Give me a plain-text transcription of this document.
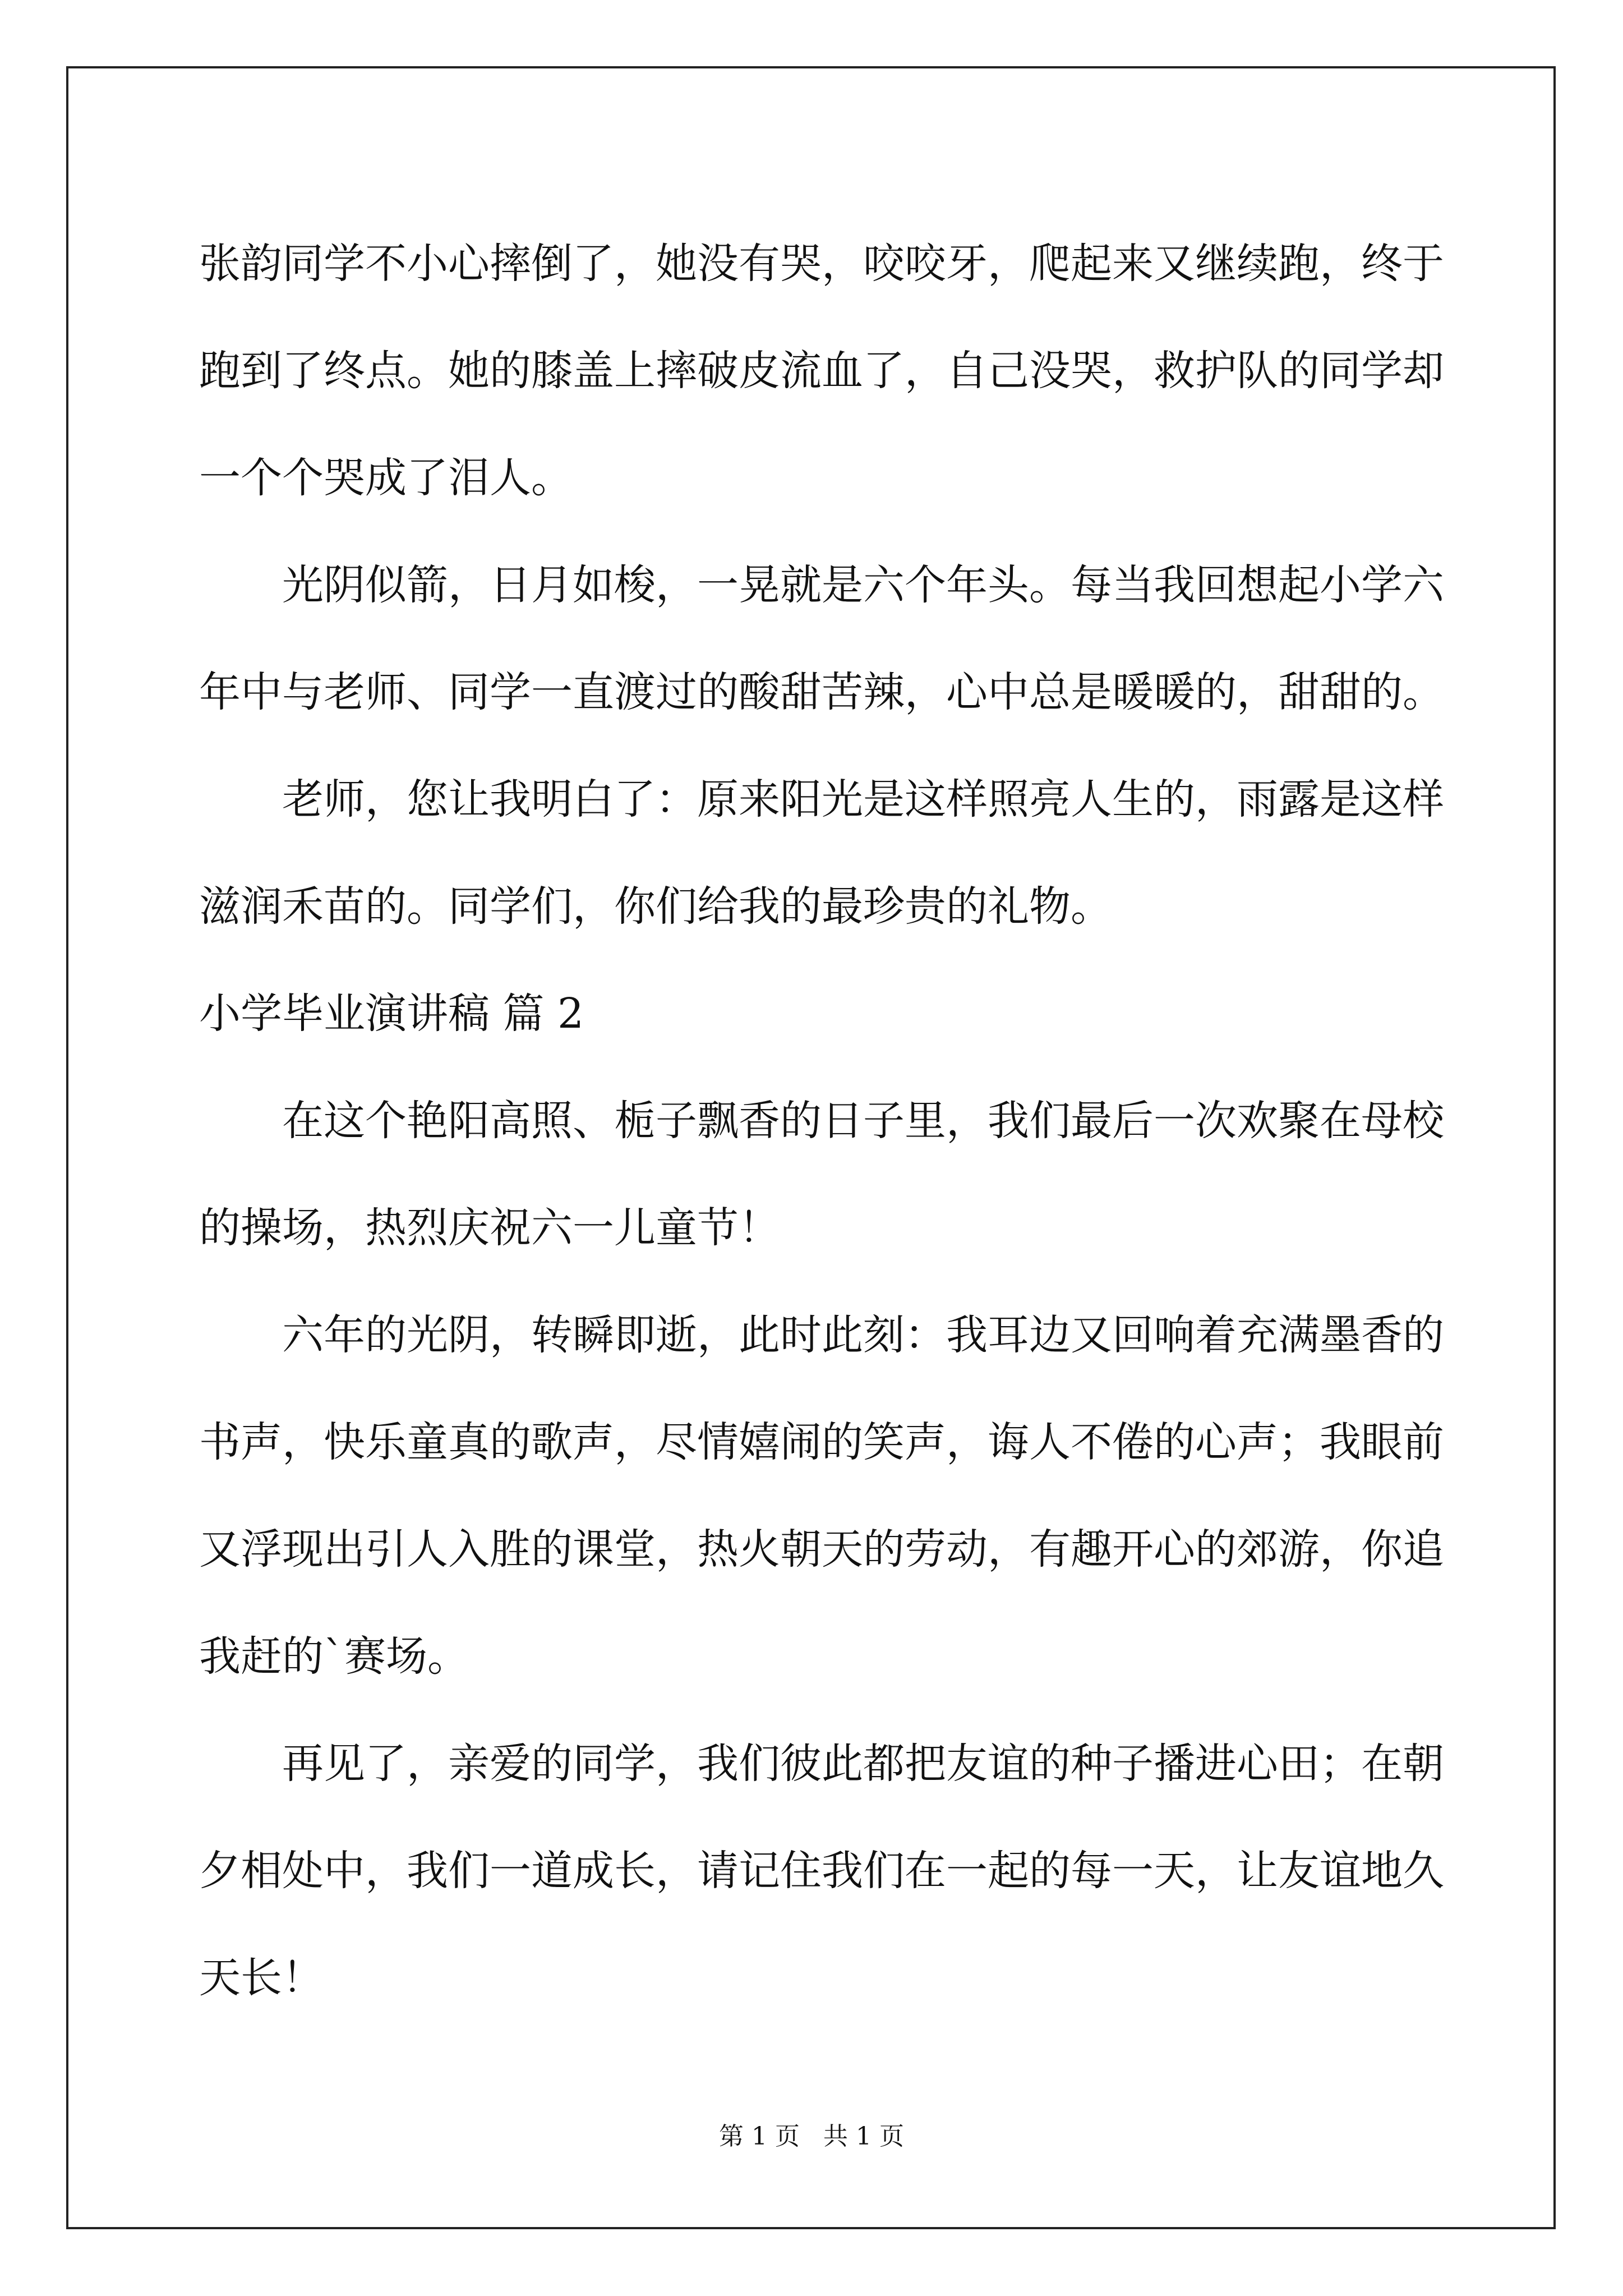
张韵同学不小心摔倒了，她没有哭，咬咬牙，爬起来又继续跑，终于
跑到了终点。她的膝盖上摔破皮流血了，自己没哭，救护队的同学却
一个个哭成了泪人。
光阴似箭，日月如梭，一晃就是六个年头。每当我回想起小学六
年中与老师、同学一直渡过的酸甜苦辣，心中总是暖暖的，甜甜的。
老师，您让我明白了：原来阳光是这样照亮人生的，雨露是这样
滋润禾苗的。同学们，你们给我的最珍贵的礼物。
小学毕业演讲稿 篇 2
在这个艳阳高照、栀子飘香的日子里，我们最后一次欢聚在母校
的操场，热烈庆祝六一儿童节！
六年的光阴，转瞬即逝，此时此刻：我耳边又回响着充满墨香的
书声，快乐童真的歌声，尽情嬉闹的笑声，诲人不倦的心声；我眼前
又浮现出引人入胜的课堂，热火朝天的劳动，有趣开心的郊游，你追
我赶的`赛场。
再见了，亲爱的同学，我们彼此都把友谊的种子播进心田；在朝
夕相处中，我们一道成长，请记住我们在一起的每一天，让友谊地久
天长！
第 1 页 共 1 页
